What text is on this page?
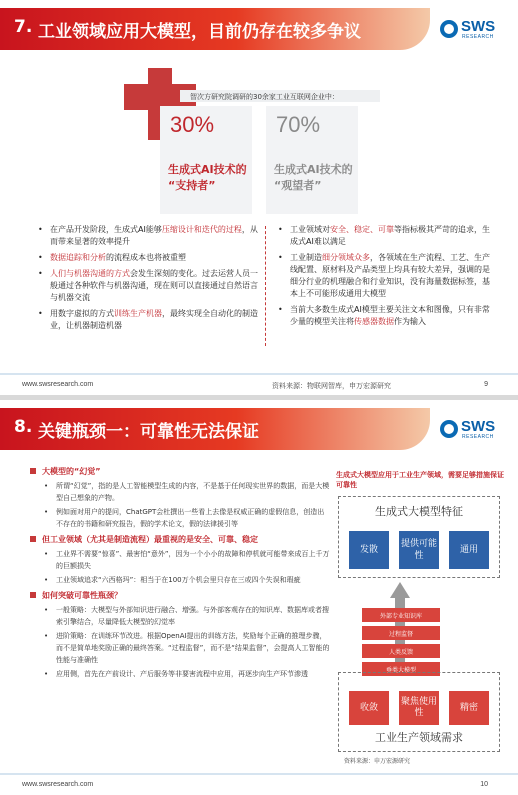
7. 工业领域应用大模型，目前仍存在较多争议	SWS
RESEARCH
智次方研究院调研的30余家工业互联网企业中：
30%
生成式AI技术的
“支持者”
70%
生成式AI技术的
“观望者”
• 在产品开发阶段，生成式AI能够压缩设计和迭代的过程，从而带来显著的效率提升
• 数据追踪和分析的流程成本也将被重塑
• 人们与机器沟通的方式会发生深刻的变化。过去运营人员一般通过各种软件与机器沟通，现在则可以直接通过自然语言与机器交流
• 用数字虚拟的方式训练生产机器，最终实现全自动化的制造业，让机器制造机器
• 工业领域对安全、稳定、可靠等指标极其严苛的追求，生成式AI难以满足
• 工业制造细分领域众多，各领域在生产流程、工艺、生产线配置、原材料及产品类型上均具有较大差异，强调的是细分行业的机理融合和行业知识，没有海量数据标签，基本上不可能形成通用大模型
• 当前大多数生成式AI模型主要关注文本和图像，只有非常少量的模型关注将传感器数据作为输入
www.swsresearch.com	资料来源：物联网智库，申万宏源研究	9
8. 关键瓶颈一：可靠性无法保证	SWS
RESEARCH
大模型的“幻觉”
• 所谓“幻觉”，指的是人工智能模型生成的内容，不是基于任何现实世界的数据，而是大模型自己想象的产物。
• 例如面对用户的提问，ChatGPT会杜撰出一些看上去像是权威正确的虚假信息，创造出不存在的书籍和研究报告，假的学术论文，假的法律援引等
但工业领域（尤其是制造流程）最重视的是安全、可靠、稳定
• 工业界不需要“惊喜”、最害怕“意外”，因为一个小小的故障和停机就可能带来成百上千万的巨额损失
• 工业领域追求“六西格玛”：相当于在100万个机会里只存在三或四个失误和瑕疵
如何突破可靠性瓶颈？
• 一般策略：大模型与外部知识进行融合、增强。与外部客观存在的知识库、数据库或者搜索引擎结合，尽量降低大模型的幻觉率
• 进阶策略：在训练环节改进。根据OpenAI提出的训练方法，奖励每个正确的推理步骤，而不是简单地奖励正确的最终答案。“过程监督”，而不是“结果监督”，会提高人工智能的性能与准确性
• 应用侧，首先在产前设计、产后服务等非要害流程中应用，再逐步向生产环节渗透
生成式大模型应用于工业生产领域，需要足够措施保证可靠性
生成式大模型特征
发散
提供可能性
通用
外部专业知识库
过程监督
人类反馈
垂类大模型
收敛
聚焦使用性
精密
工业生产领域需求
资料来源：申万宏源研究
www.swsresearch.com	10
